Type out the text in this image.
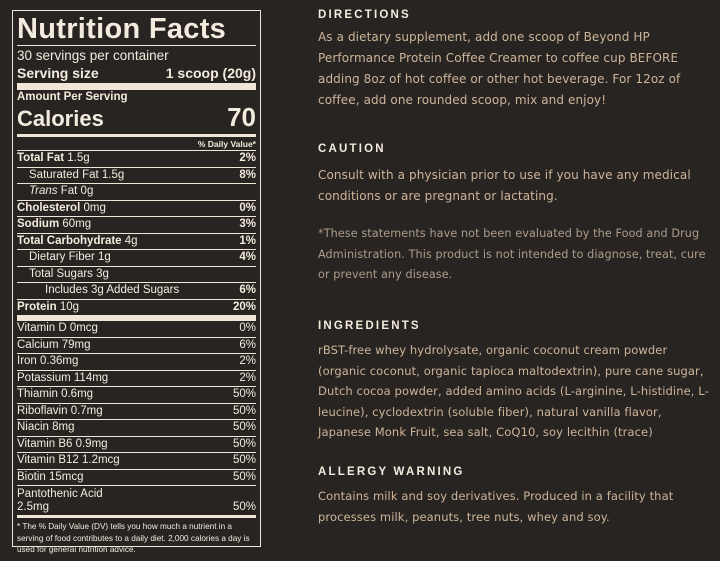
Nutrition Facts
30 servings per container
Serving size	1 scoop (20g)
Amount Per Serving
Calories	70
% Daily Value*
Total Fat 1.5g	2%
Saturated Fat 1.5g	8%
Trans Fat 0g
Cholesterol 0mg	0%
Sodium 60mg	3%
Total Carbohydrate 4g	1%
Dietary Fiber 1g	4%
Total Sugars 3g
Includes 3g Added Sugars	6%
Protein 10g	20%
Vitamin D 0mcg	0%
Calcium 79mg	6%
Iron 0.36mg	2%
Potassium 114mg	2%
Thiamin 0.6mg	50%
Riboflavin 0.7mg	50%
Niacin 8mg	50%
Vitamin B6 0.9mg	50%
Vitamin B12 1.2mcg	50%
Biotin 15mcg	50%
Pantothenic Acid
2.5mg	50%
* The % Daily Value (DV) tells you how much a nutrient in a serving of food contributes to a daily diet. 2,000 calories a day is used for general nutrition advice.
DIRECTIONS
As a dietary supplement, add one scoop of Beyond HP Performance Protein Coffee Creamer to coffee cup BEFORE adding 8oz of hot coffee or other hot beverage. For 12oz of coffee, add one rounded scoop, mix and enjoy!
CAUTION
Consult with a physician prior to use if you have any medical conditions or are pregnant or lactating.
*These statements have not been evaluated by the Food and Drug Administration. This product is not intended to diagnose, treat, cure or prevent any disease.
INGREDIENTS
rBST-free whey hydrolysate, organic coconut cream powder (organic coconut, organic tapioca maltodextrin), pure cane sugar, Dutch cocoa powder, added amino acids (L-arginine, L-histidine, L-leucine), cyclodextrin (soluble fiber), natural vanilla flavor, Japanese Monk Fruit, sea salt, CoQ10, soy lecithin (trace)
ALLERGY WARNING
Contains milk and soy derivatives. Produced in a facility that processes milk, peanuts, tree nuts, whey and soy.
